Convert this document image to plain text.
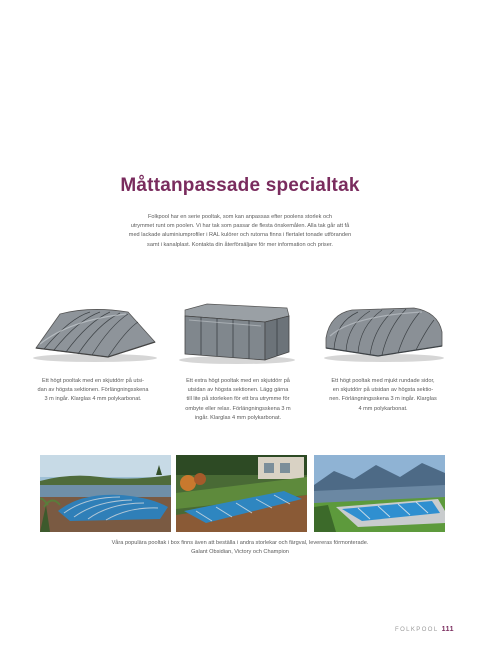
Måttanpassade specialtak
Folkpool har en serie pooltak, som kan anpassas efter poolens storlek och
utrymmet runt om poolen. Vi har tak som passar de flesta önskemålen. Alla tak går att få
med lackade aluminiumprofiler i RAL kulörer och rutorna finns i flertalet tonade utföranden
samt i kanalplast. Kontakta din återförsäljare för mer information och priser.
Ett högt pooltak med en skjutdörr på utsi-
dan av högsta sektionen. Förlängningsskena
3 m ingår. Klarglas 4 mm polykarbonat.
Ett extra högt pooltak med en skjutdörr på
utsidan av högsta sektionen. Lägg gärna
till lite på storleken för ett bra utrymme för
ombyte eller relax. Förlängningsskena 3 m
ingår. Klarglas 4 mm polykarbonat.
Ett högt pooltak med mjukt rundade sidor,
en skjutdörr på utsidan av högsta sektio-
nen. Förlängningsskena 3 m ingår. Klarglas
4 mm polykarbonat.
Våra populära pooltak i box finns även att beställa i andra storlekar och färgval, levereras förmonterade.
Galant Obsidian, Victory och Champion
FOLKPOOL 111
